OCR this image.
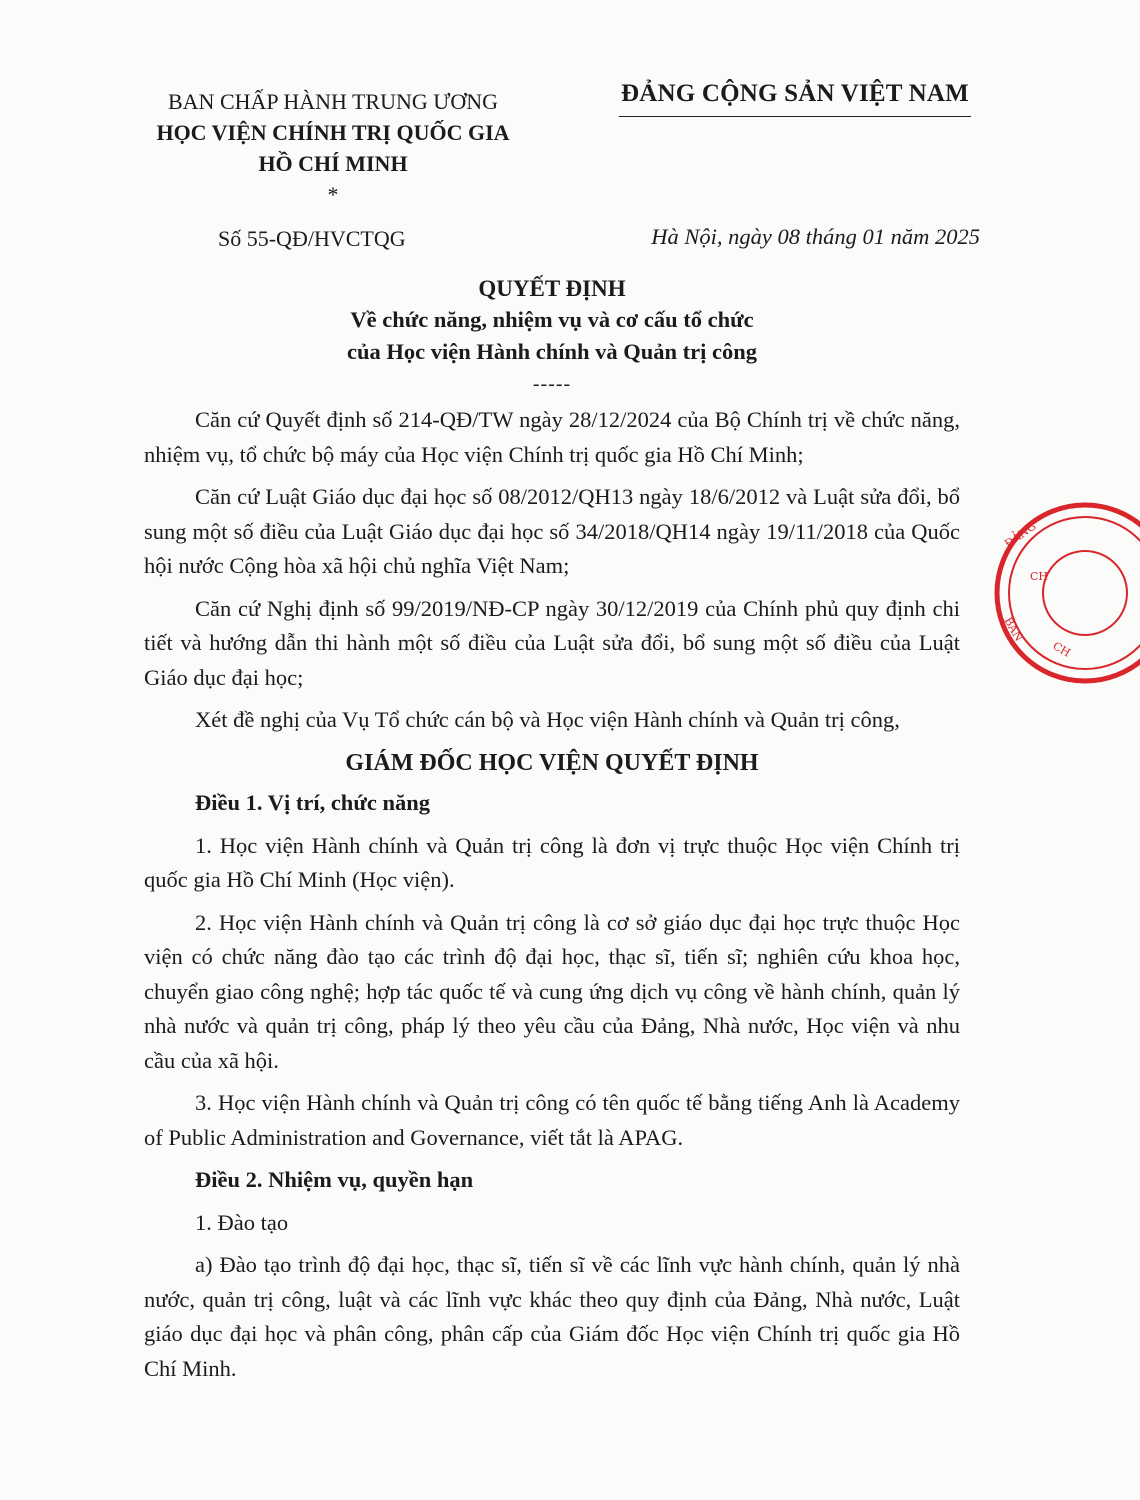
BAN CHẤP HÀNH TRUNG ƯƠNG
HỌC VIỆN CHÍNH TRỊ QUỐC GIA
HỒ CHÍ MINH
*
ĐẢNG CỘNG SẢN VIỆT NAM
Số 55-QĐ/HVCTQG	Hà Nội, ngày 08 tháng 01 năm 2025
QUYẾT ĐỊNH
Về chức năng, nhiệm vụ và cơ cấu tổ chức
của Học viện Hành chính và Quản trị công
-----

Căn cứ Quyết định số 214-QĐ/TW ngày 28/12/2024 của Bộ Chính trị về chức năng, nhiệm vụ, tổ chức bộ máy của Học viện Chính trị quốc gia Hồ Chí Minh;

Căn cứ Luật Giáo dục đại học số 08/2012/QH13 ngày 18/6/2012 và Luật sửa đổi, bổ sung một số điều của Luật Giáo dục đại học số 34/2018/QH14 ngày 19/11/2018 của Quốc hội nước Cộng hòa xã hội chủ nghĩa Việt Nam;

Căn cứ Nghị định số 99/2019/NĐ-CP ngày 30/12/2019 của Chính phủ quy định chi tiết và hướng dẫn thi hành một số điều của Luật sửa đổi, bổ sung một số điều của Luật Giáo dục đại học;

Xét đề nghị của Vụ Tổ chức cán bộ và Học viện Hành chính và Quản trị công,

GIÁM ĐỐC HỌC VIỆN QUYẾT ĐỊNH

Điều 1. Vị trí, chức năng

1. Học viện Hành chính và Quản trị công là đơn vị trực thuộc Học viện Chính trị quốc gia Hồ Chí Minh (Học viện).

2. Học viện Hành chính và Quản trị công là cơ sở giáo dục đại học trực thuộc Học viện có chức năng đào tạo các trình độ đại học, thạc sĩ, tiến sĩ; nghiên cứu khoa học, chuyển giao công nghệ; hợp tác quốc tế và cung ứng dịch vụ công về hành chính, quản lý nhà nước và quản trị công, pháp lý theo yêu cầu của Đảng, Nhà nước, Học viện và nhu cầu của xã hội.

3. Học viện Hành chính và Quản trị công có tên quốc tế bằng tiếng Anh là Academy of Public Administration and Governance, viết tắt là APAG.

Điều 2. Nhiệm vụ, quyền hạn

1. Đào tạo

a) Đào tạo trình độ đại học, thạc sĩ, tiến sĩ về các lĩnh vực hành chính, quản lý nhà nước, quản trị công, luật và các lĩnh vực khác theo quy định của Đảng, Nhà nước, Luật giáo dục đại học và phân công, phân cấp của Giám đốc Học viện Chính trị quốc gia Hồ Chí Minh.

ĐẢNG
CH
BAN
CH
